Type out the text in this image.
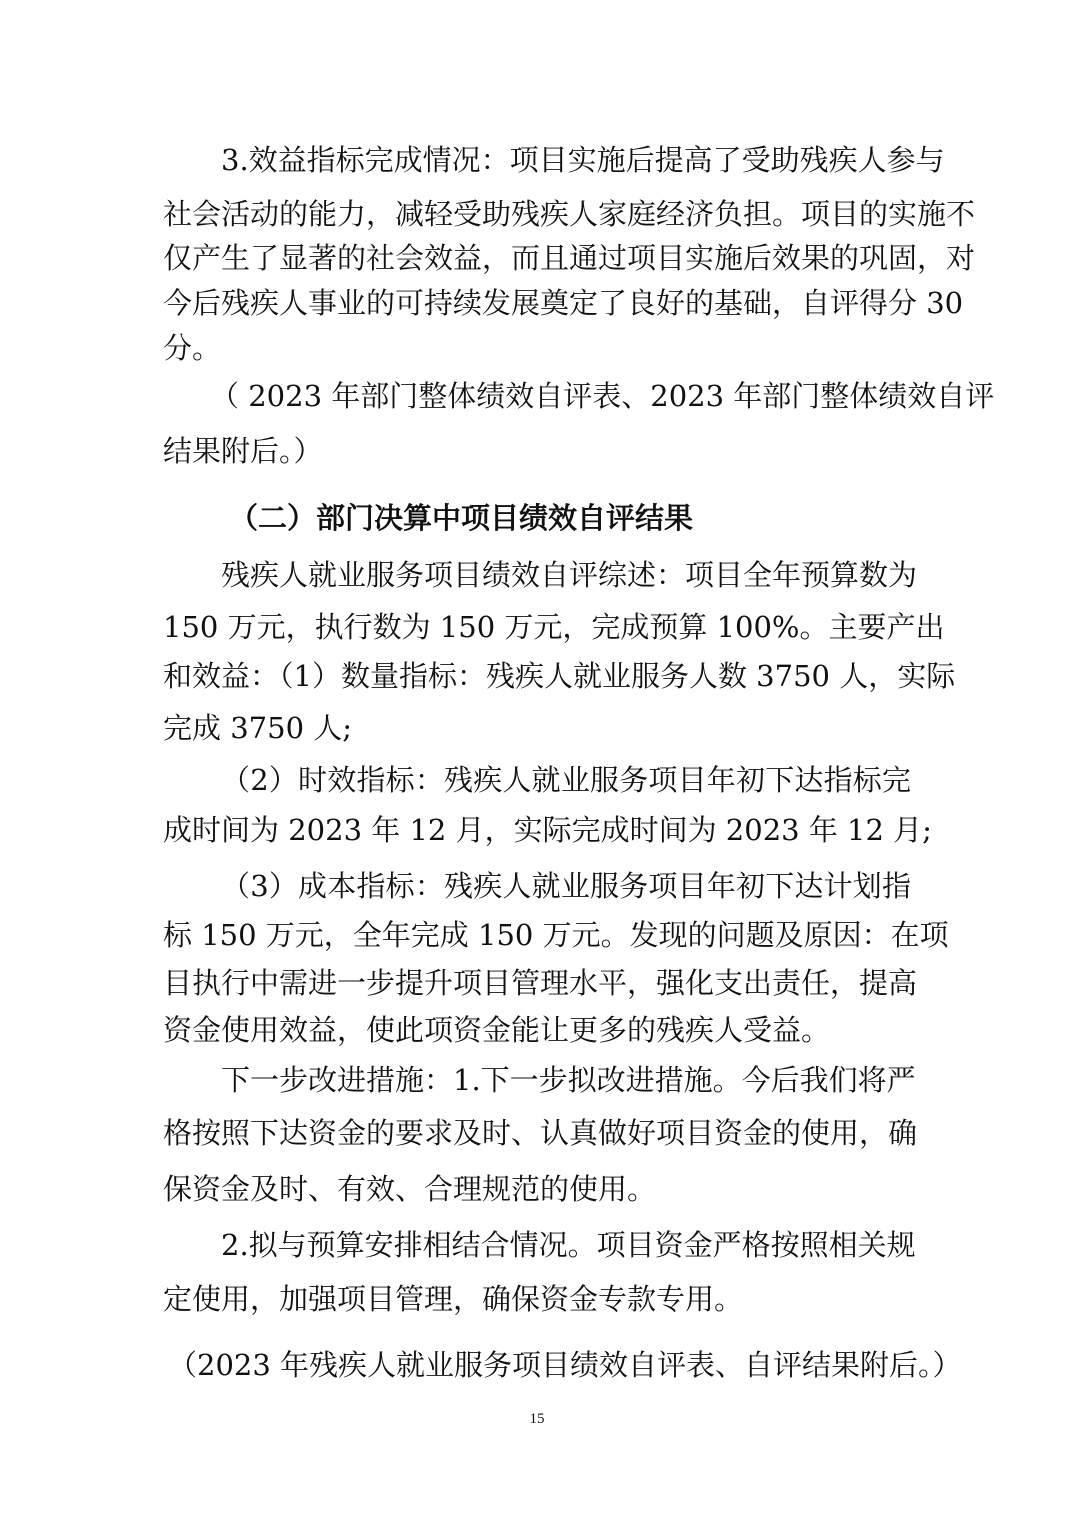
3.效益指标完成情况：项目实施后提高了受助残疾人参与
社会活动的能力，减轻受助残疾人家庭经济负担。项目的实施不
仅产生了显著的社会效益，而且通过项目实施后效果的巩固，对
今后残疾人事业的可持续发展奠定了良好的基础，自评得分 30
分。
（ 2023 年部门整体绩效自评表、2023 年部门整体绩效自评
结果附后。）
（二）部门决算中项目绩效自评结果
残疾人就业服务项目绩效自评综述：项目全年预算数为
150 万元，执行数为 150 万元，完成预算 100%。主要产出
和效益：（1）数量指标：残疾人就业服务人数 3750 人，实际
完成 3750 人;
（2）时效指标：残疾人就业服务项目年初下达指标完
成时间为 2023 年 12 月，实际完成时间为 2023 年 12 月;
（3）成本指标：残疾人就业服务项目年初下达计划指
标 150 万元，全年完成 150 万元。发现的问题及原因：在项
目执行中需进一步提升项目管理水平，强化支出责任，提高
资金使用效益，使此项资金能让更多的残疾人受益。
下一步改进措施：1.下一步拟改进措施。今后我们将严
格按照下达资金的要求及时、认真做好项目资金的使用，确
保资金及时、有效、合理规范的使用。
2.拟与预算安排相结合情况。项目资金严格按照相关规
定使用，加强项目管理，确保资金专款专用。
（2023 年残疾人就业服务项目绩效自评表、自评结果附后。）
15
